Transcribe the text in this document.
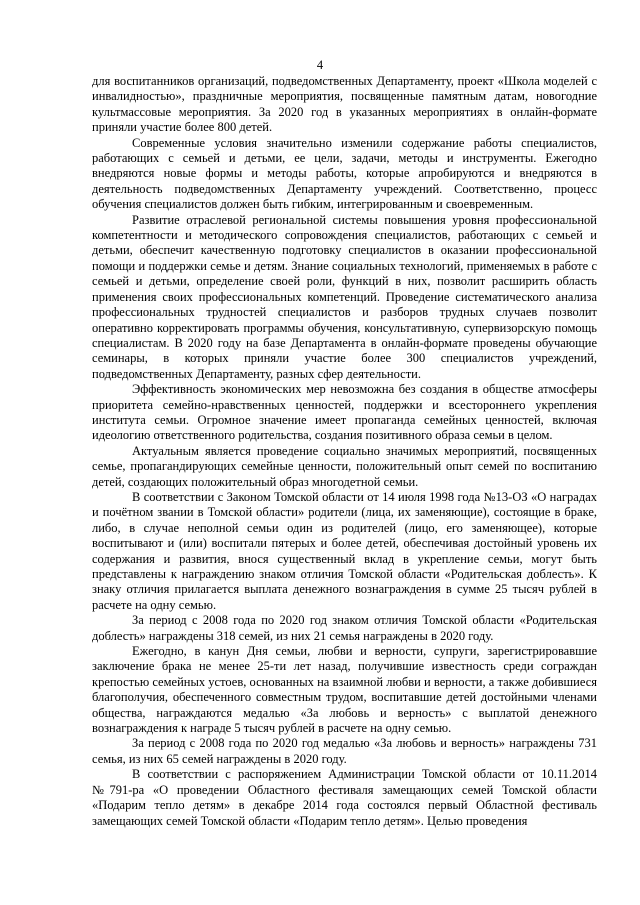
4

для воспитанников организаций, подведомственных Департаменту, проект «Школа моделей с инвалидностью», праздничные мероприятия, посвященные памятным датам, новогодние культмассовые мероприятия. За 2020 год в указанных мероприятиях в онлайн-формате приняли участие более 800 детей.

Современные условия значительно изменили содержание работы специалистов, работающих с семьей и детьми, ее цели, задачи, методы и инструменты. Ежегодно внедряются новые формы и методы работы, которые апробируются и внедряются в деятельность подведомственных Департаменту учреждений. Соответственно, процесс обучения специалистов должен быть гибким, интегрированным и своевременным.

Развитие отраслевой региональной системы повышения уровня профессиональной компетентности и методического сопровождения специалистов, работающих с семьей и детьми, обеспечит качественную подготовку специалистов в оказании профессиональной помощи и поддержки семье и детям. Знание социальных технологий, применяемых в работе с семьей и детьми, определение своей роли, функций в них, позволит расширить область применения своих профессиональных компетенций. Проведение систематического анализа профессиональных трудностей специалистов и разборов трудных случаев позволит оперативно корректировать программы обучения, консультативную, супервизорскую помощь специалистам. В 2020 году на базе Департамента в онлайн-формате проведены обучающие семинары, в которых приняли участие более 300 специалистов учреждений, подведомственных Департаменту, разных сфер деятельности.

Эффективность экономических мер невозможна без создания в обществе атмосферы приоритета семейно-нравственных ценностей, поддержки и всестороннего укрепления института семьи. Огромное значение имеет пропаганда семейных ценностей, включая идеологию ответственного родительства, создания позитивного образа семьи в целом.

Актуальным является проведение социально значимых мероприятий, посвященных семье, пропагандирующих семейные ценности, положительный опыт семей по воспитанию детей, создающих положительный образ многодетной семьи.

В соответствии с Законом Томской области от 14 июля 1998 года №13-ОЗ «О наградах и почётном звании в Томской области» родители (лица, их заменяющие), состоящие в браке, либо, в случае неполной семьи один из родителей (лицо, его заменяющее), которые воспитывают и (или) воспитали пятерых и более детей, обеспечивая достойный уровень их содержания и развития, внося существенный вклад в укрепление семьи, могут быть представлены к награждению знаком отличия Томской области «Родительская доблесть». К знаку отличия прилагается выплата денежного вознаграждения в сумме 25 тысяч рублей в расчете на одну семью.

За период с 2008 года по 2020 год знаком отличия Томской области «Родительская доблесть» награждены 318 семей, из них 21 семья награждены в 2020 году.

Ежегодно, в канун Дня семьи, любви и верности, супруги, зарегистрировавшие заключение брака не менее 25-ти лет назад, получившие известность среди сограждан крепостью семейных устоев, основанных на взаимной любви и верности, а также добившиеся благополучия, обеспеченного совместным трудом, воспитавшие детей достойными членами общества, награждаются медалью «За любовь и верность» с выплатой денежного вознаграждения к награде 5 тысяч рублей в расчете на одну семью.

За период с 2008 года по 2020 год медалью «За любовь и верность» награждены 731 семья, из них 65 семей награждены в 2020 году.

В соответствии с распоряжением Администрации Томской области от 10.11.2014 №791-ра «О проведении Областного фестиваля замещающих семей Томской области «Подарим тепло детям» в декабре 2014 года состоялся первый Областной фестиваль замещающих семей Томской области «Подарим тепло детям». Целью проведения
